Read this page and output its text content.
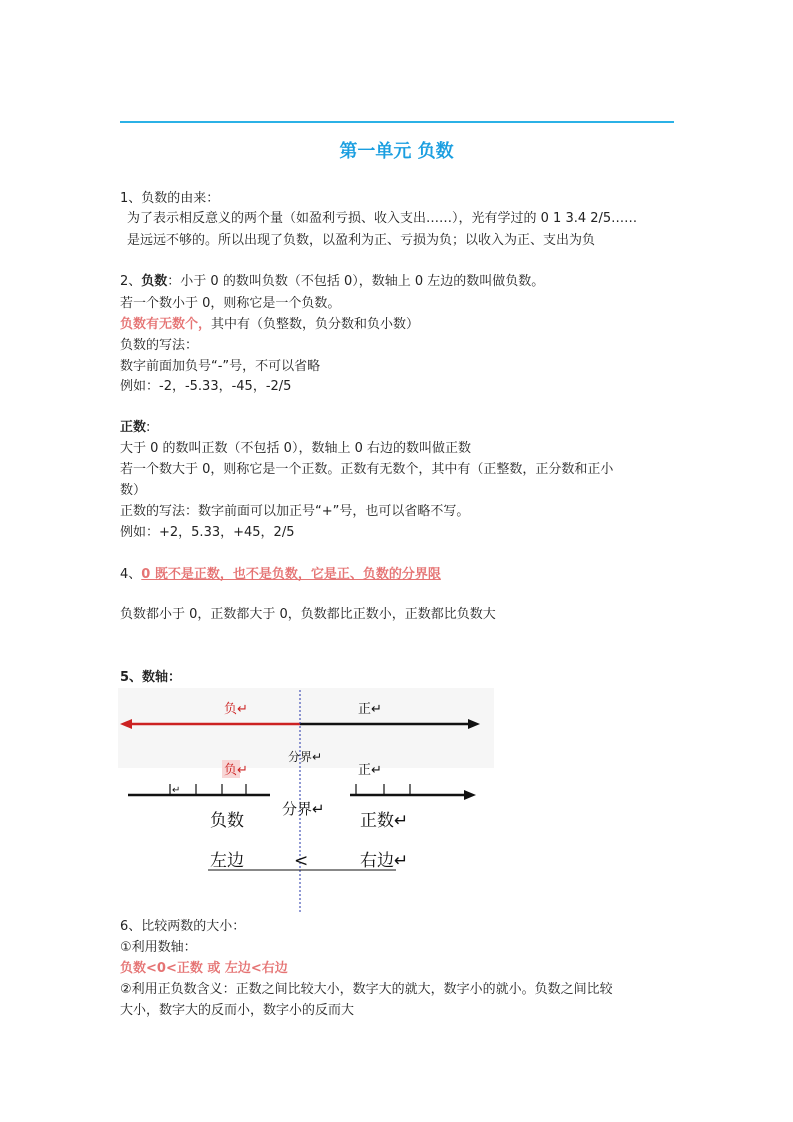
第一单元 负数
1、负数的由来：
为了表示相反意义的两个量（如盈利亏损、收入支出……），光有学过的 0 1 3.4 2/5……
是远远不够的。所以出现了负数，以盈利为正、亏损为负；以收入为正、支出为负
2、负数：小于 0 的数叫负数（不包括 0），数轴上 0 左边的数叫做负数。
若一个数小于 0，则称它是一个负数。
负数有无数个，其中有（负整数，负分数和负小数）
负数的写法：
数字前面加负号“-”号，不可以省略
例如：-2，-5.33，-45，-2/5
正数:
大于 0 的数叫正数（不包括 0），数轴上 0 右边的数叫做正数
若一个数大于 0，则称它是一个正数。正数有无数个，其中有（正整数，正分数和正小
数）
正数的写法：数字前面可以加正号“+”号，也可以省略不写。
例如：+2，5.33，+45，2/5
4、0 既不是正数，也不是负数，它是正、负数的分界限
负数都小于 0，正数都大于 0，负数都比正数小，正数都比负数大
5、数轴：
负↵	正↵
分界↵
负↵	正↵
↵
分界↵
负数	正数↵
左边	<	右边↵
6、比较两数的大小：
①利用数轴：
负数<0<正数 或 左边<右边
②利用正负数含义：正数之间比较大小，数字大的就大，数字小的就小。负数之间比较
大小，数字大的反而小，数字小的反而大
